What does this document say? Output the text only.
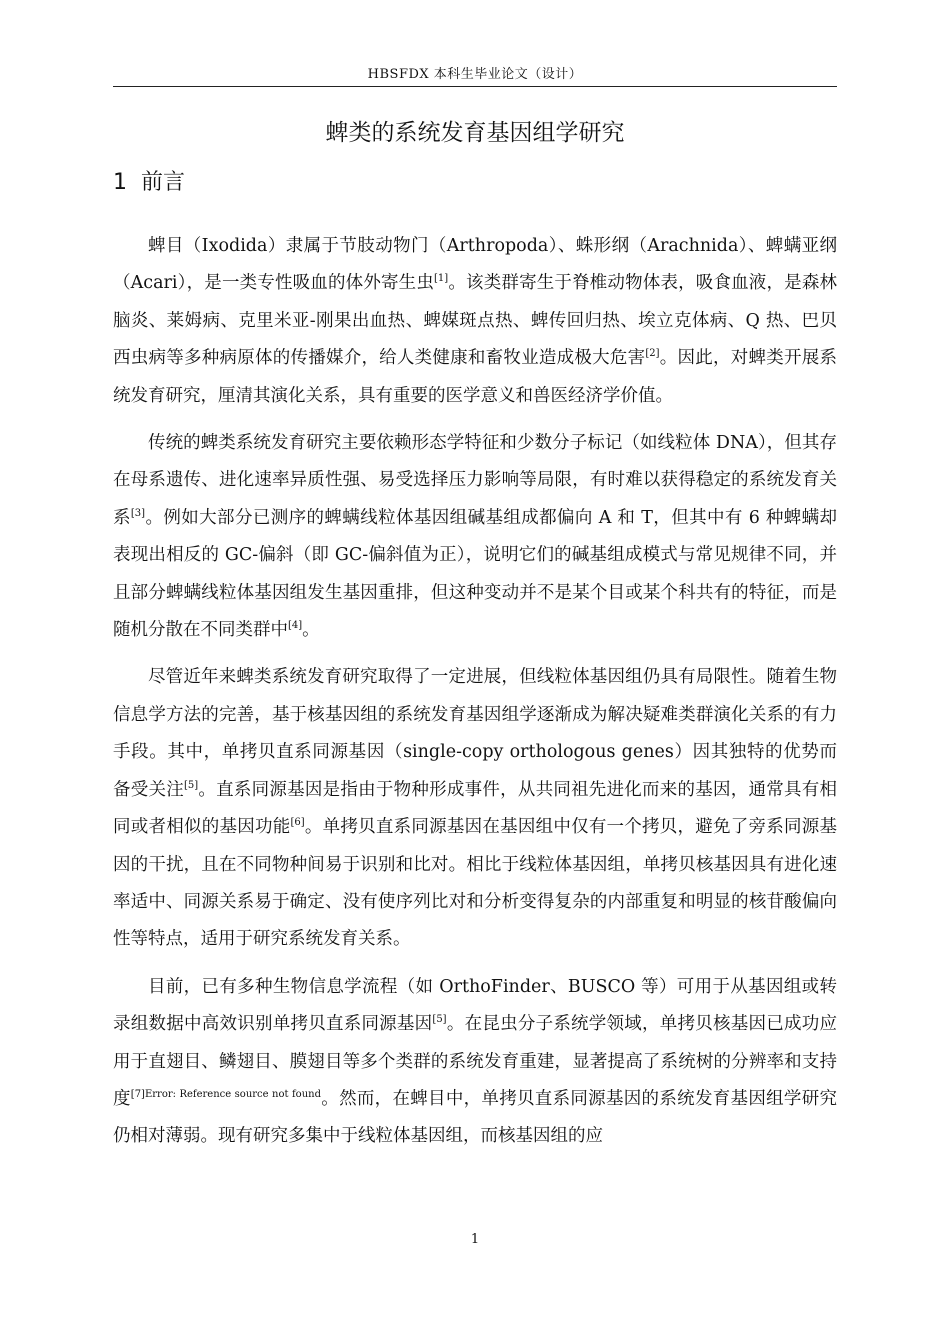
HBSFDX 本科生毕业论文（设计）
蜱类的系统发育基因组学研究
1 前言

蜱目（Ixodida）隶属于节肢动物门（Arthropoda）、蛛形纲（Arachnida）、蜱螨亚纲（Acari），是一类专性吸血的体外寄生虫[1]。该类群寄生于脊椎动物体表，吸食血液，是森林脑炎、莱姆病、克里米亚-刚果出血热、蜱媒斑点热、蜱传回归热、埃立克体病、Q 热、巴贝西虫病等多种病原体的传播媒介，给人类健康和畜牧业造成极大危害[2]。因此，对蜱类开展系统发育研究，厘清其演化关系，具有重要的医学意义和兽医经济学价值。

传统的蜱类系统发育研究主要依赖形态学特征和少数分子标记（如线粒体 DNA），但其存在母系遗传、进化速率异质性强、易受选择压力影响等局限，有时难以获得稳定的系统发育关系[3]。例如大部分已测序的蜱螨线粒体基因组碱基组成都偏向 A 和 T，但其中有 6 种蜱螨却表现出相反的 GC-偏斜（即 GC-偏斜值为正），说明它们的碱基组成模式与常见规律不同，并且部分蜱螨线粒体基因组发生基因重排，但这种变动并不是某个目或某个科共有的特征，而是随机分散在不同类群中[4]。

尽管近年来蜱类系统发育研究取得了一定进展，但线粒体基因组仍具有局限性。随着生物信息学方法的完善，基于核基因组的系统发育基因组学逐渐成为解决疑难类群演化关系的有力手段。其中，单拷贝直系同源基因（single-copy orthologous genes）因其独特的优势而备受关注[5]。直系同源基因是指由于物种形成事件，从共同祖先进化而来的基因，通常具有相同或者相似的基因功能[6]。单拷贝直系同源基因在基因组中仅有一个拷贝，避免了旁系同源基因的干扰，且在不同物种间易于识别和比对。相比于线粒体基因组，单拷贝核基因具有进化速率适中、同源关系易于确定、没有使序列比对和分析变得复杂的内部重复和明显的核苷酸偏向性等特点，适用于研究系统发育关系。

目前，已有多种生物信息学流程（如 OrthoFinder、BUSCO 等）可用于从基因组或转录组数据中高效识别单拷贝直系同源基因[5]。在昆虫分子系统学领域，单拷贝核基因已成功应用于直翅目、鳞翅目、膜翅目等多个类群的系统发育重建，显著提高了系统树的分辨率和支持度$^{[7]Error: Reference source not found}$。然而，在蜱目中，单拷贝直系同源基因的系统发育基因组学研究仍相对薄弱。现有研究多集中于线粒体基因组，而核基因组的应

1
